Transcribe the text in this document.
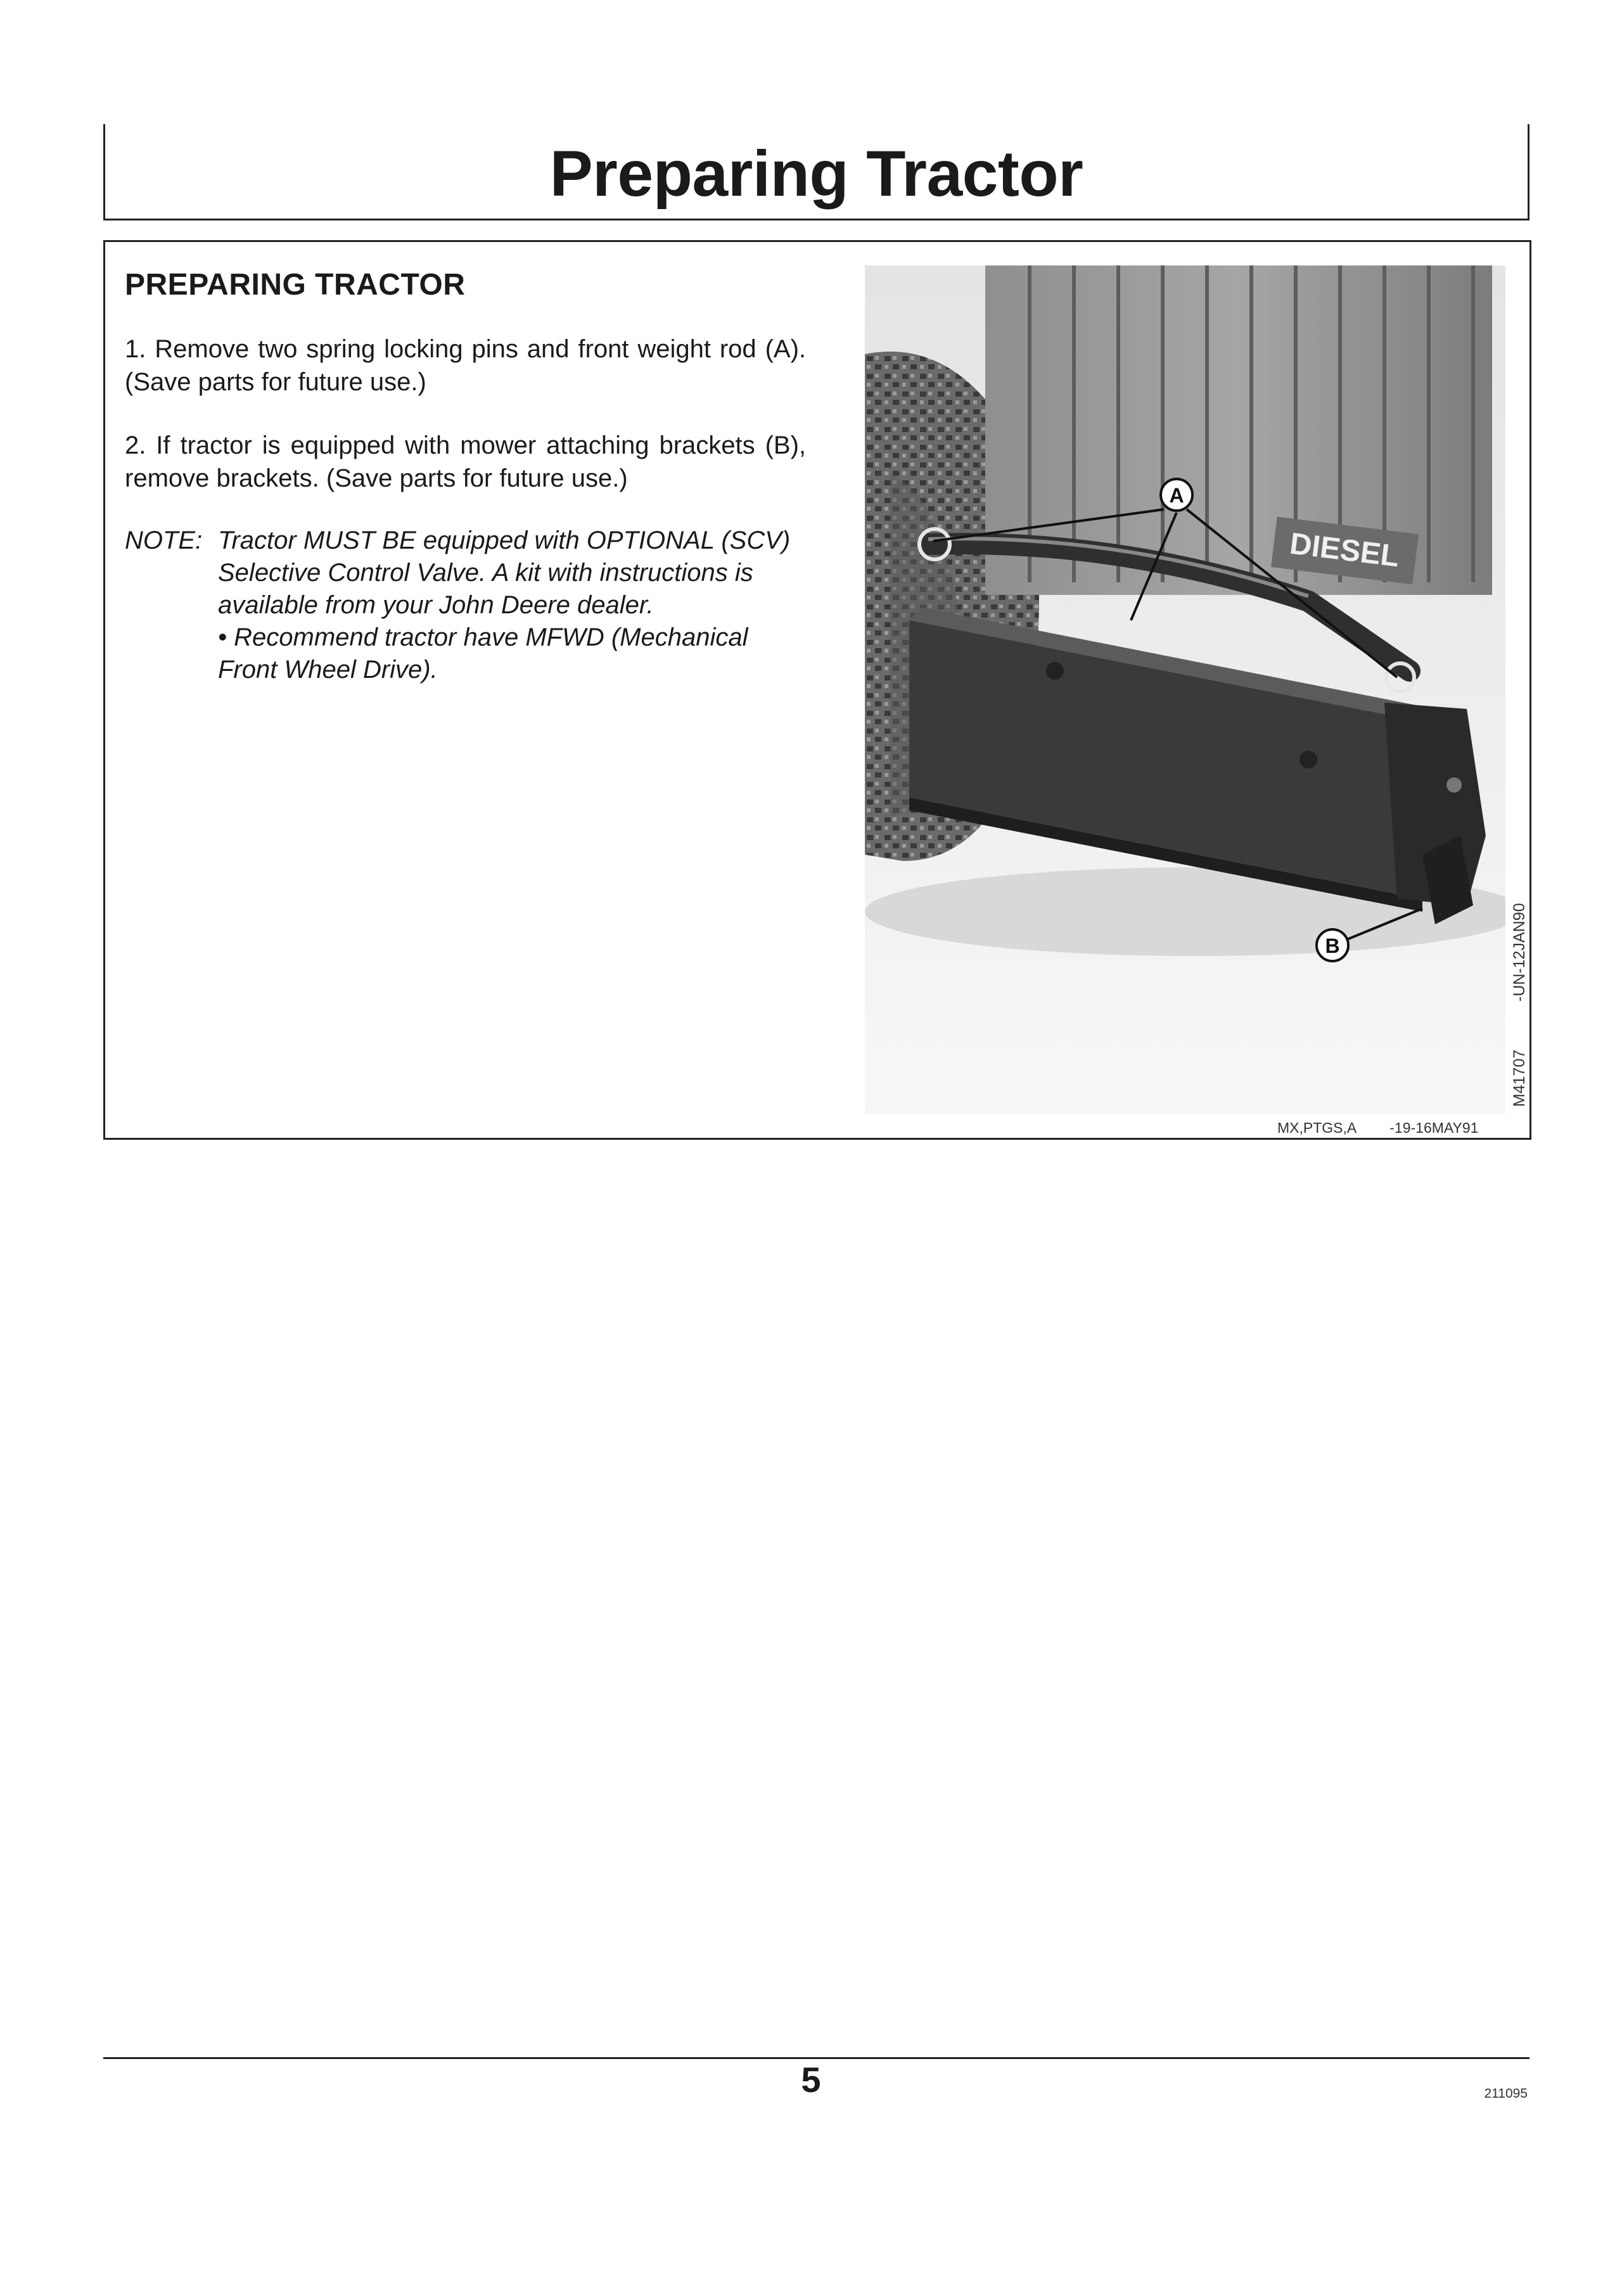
Preparing Tractor
PREPARING TRACTOR
1. Remove two spring locking pins and front weight rod (A). (Save parts for future use.)
2. If tractor is equipped with mower attaching brackets (B), remove brackets. (Save parts for future use.)
NOTE: Tractor MUST BE equipped with OPTIONAL (SCV) Selective Control Valve. A kit with instructions is available from your John Deere dealer.

• Recommend tractor have MFWD (Mechanical Front Wheel Drive).

DIESEL
A
B
M41707
-UN-12JAN90
MX,PTGS,A -19-16MAY91
5	211095
